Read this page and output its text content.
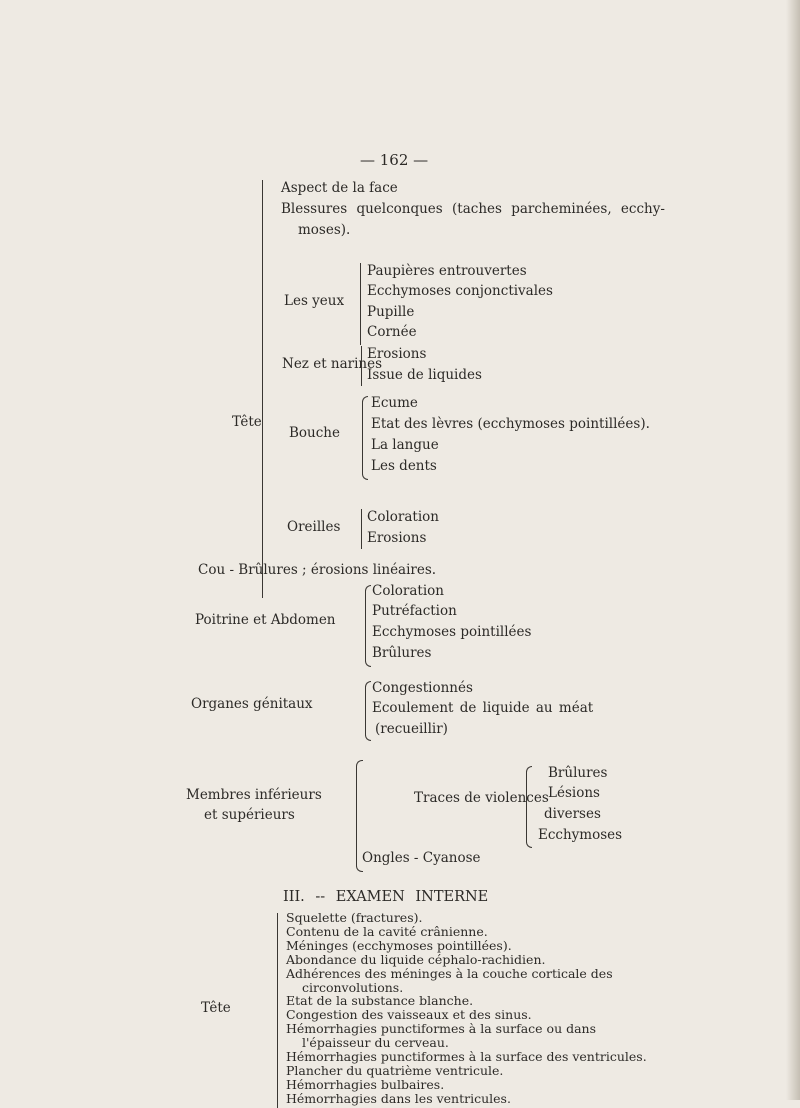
— 162 —
Tête
Aspect de la face
Blessures quelconques (taches parcheminées, ecchy-
moses).
Les yeux
Paupières entrouvertes
Ecchymoses conjonctivales
Pupille
Cornée
Nez et narines
Erosions
Issue de liquides
Bouche
Ecume
Etat des lèvres (ecchymoses pointillées).
La langue
Les dents
Oreilles
Coloration
Erosions
Cou - Brûlures ; érosions linéaires.
Poitrine et Abdomen
Coloration
Putréfaction
Ecchymoses pointillées
Brûlures
Organes génitaux
Congestionnés
Ecoulement de liquide au méat
(recueillir)
Membres inférieurs
et supérieurs
Traces de violences
Ongles - Cyanose
Brûlures
Lésions
diverses
Ecchymoses
III. -- EXAMEN INTERNE
Tête
Squelette (fractures).
Contenu de la cavité crânienne.
Méninges (ecchymoses pointillées).
Abondance du liquide céphalo-rachidien.
Adhérences des méninges à la couche corticale des
circonvolutions.
Etat de la substance blanche.
Congestion des vaisseaux et des sinus.
Hémorrhagies punctiformes à la surface ou dans
l'épaisseur du cerveau.
Hémorrhagies punctiformes à la surface des ventricules.
Plancher du quatrième ventricule.
Hémorrhagies bulbaires.
Hémorrhagies dans les ventricules.
